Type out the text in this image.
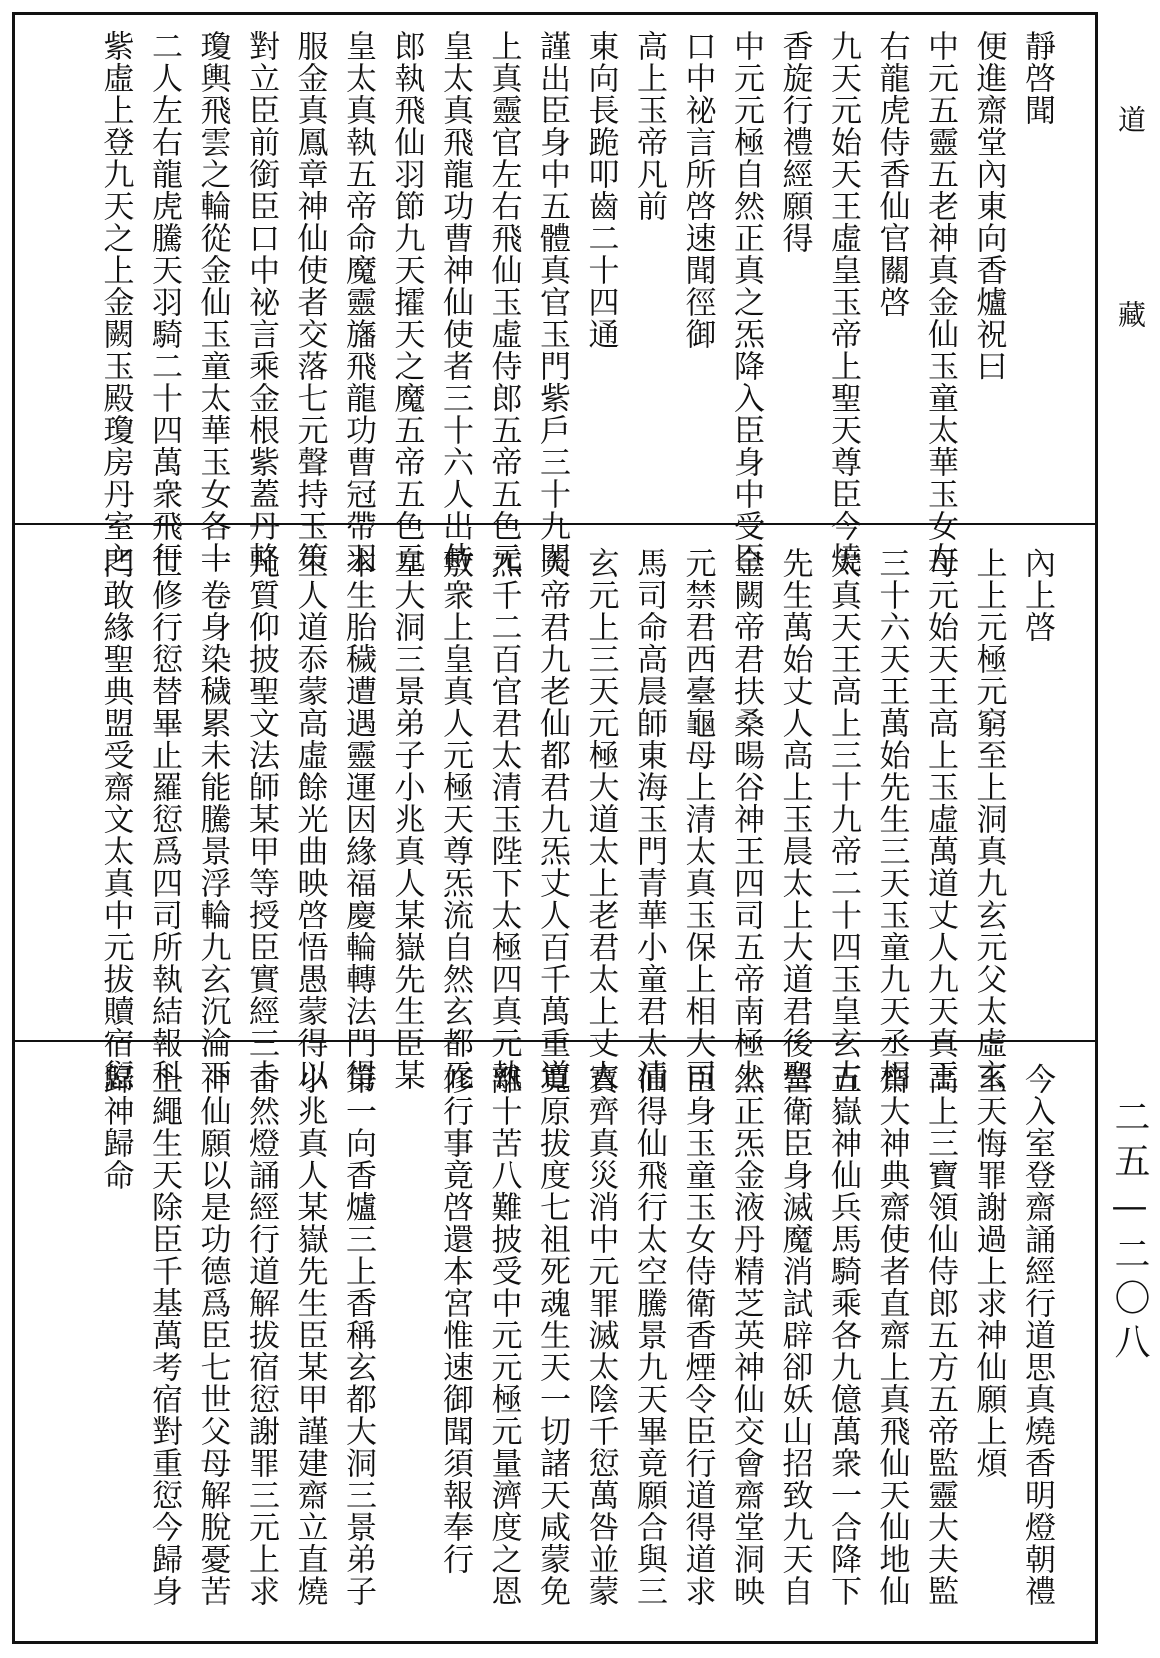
道
藏
二五—二〇八
靜啓聞
便進齋堂內東向香爐祝曰
中元五靈五老神真金仙玉童太華玉女左
右龍虎侍香仙官關啓
九天元始天王虛皇玉帝上聖天尊臣今燒
香旋行禮經願得
中元元極自然正真之炁降入臣身中受臣
口中祕言所啓速聞徑御
高上玉帝凡前
東向長跪叩齒二十四通
謹出臣身中五體真官玉門紫戶三十九關
上真靈官左右飛仙玉虛侍郎五帝五色元
皇太真飛龍功曹神仙使者三十六人出侍
郎執飛仙羽節九天攉天之魔五帝五色元
皇太真執五帝命魔靈旛飛龍功曹冠帶羽
服金真鳳章神仙使者交落七元聲持玉策
對立臣前銜臣口中祕言乘金根紫蓋丹輅
瓊輿飛雲之輪從金仙玉童太華玉女各十
二人左右龍虎騰天羽騎二十四萬衆飛行
紫虛上登九天之上金闕玉殿瓊房丹室之
內上啓
上上元極元窮至上洞真九玄元父太虛玄
母元始天王高上玉虛萬道丈人九天真王
三十六天王萬始先生三天玉童九天丞相
太真天王高上三十九帝二十四玉皇玄古
先生萬始丈人高上玉晨太上大道君後聖
金闕帝君扶桑暘谷神王四司五帝南極上
元禁君西臺龜母上清太真玉保上相大司
馬司命高晨師東海玉門青華小童君太清
玄元上三天元極大道太上老君太上丈人
天帝君九老仙都君九炁丈人百千萬重道
炁千二百官君太清玉陛下太極四真元執
敷衆上皇真人元極天尊炁流自然玄都元
皇大洞三景弟子小兆真人某嶽先生臣某
本生胎穢遭遇靈運因緣福慶輪轉法門得
生人道忝蒙高虛餘光曲映啓悟愚蒙得以
凡質仰披聖文法師某甲等授臣實經三十
一卷身染穢累未能騰景浮輪九玄沉淪下
世修行愆替畢止羅愆爲四司所執結報科
門敢緣聖典盟受齋文太真中元拔贖宿愆
今入室登齋誦經行道思真燒香明燈朝禮
玉天悔罪謝過上求神仙願上煩
高上三寶領仙侍郎五方五帝監靈大夫監
齋大神典齋使者直齋上真飛仙天仙地仙
五嶽神仙兵馬騎乘各九億萬衆一合降下
營衛臣身滅魔消試辟卻妖山招致九天自
然正炁金液丹精芝英神仙交會齋堂洞映
臣身玉童玉女侍衛香煙令臣行道得道求
仙得仙飛行太空騰景九天畢竟願合與三
寶齊真災消中元罪滅太陰千愆萬咎並蒙
寬原拔度七祖死魂生天一切諸天咸蒙免
離十苦八難披受中元元極元量濟度之恩
修行事竟啓還本宮惟速御聞須報奉行
第一向香爐三上香稱玄都大洞三景弟子
小兆真人某嶽先生臣某甲謹建齋立直燒
香然燈誦經行道解拔宿愆謝罪三元上求
神仙願以是功德爲臣七世父母解脫憂苦
上繩生天除臣千基萬考宿對重愆今歸身
歸神歸命
